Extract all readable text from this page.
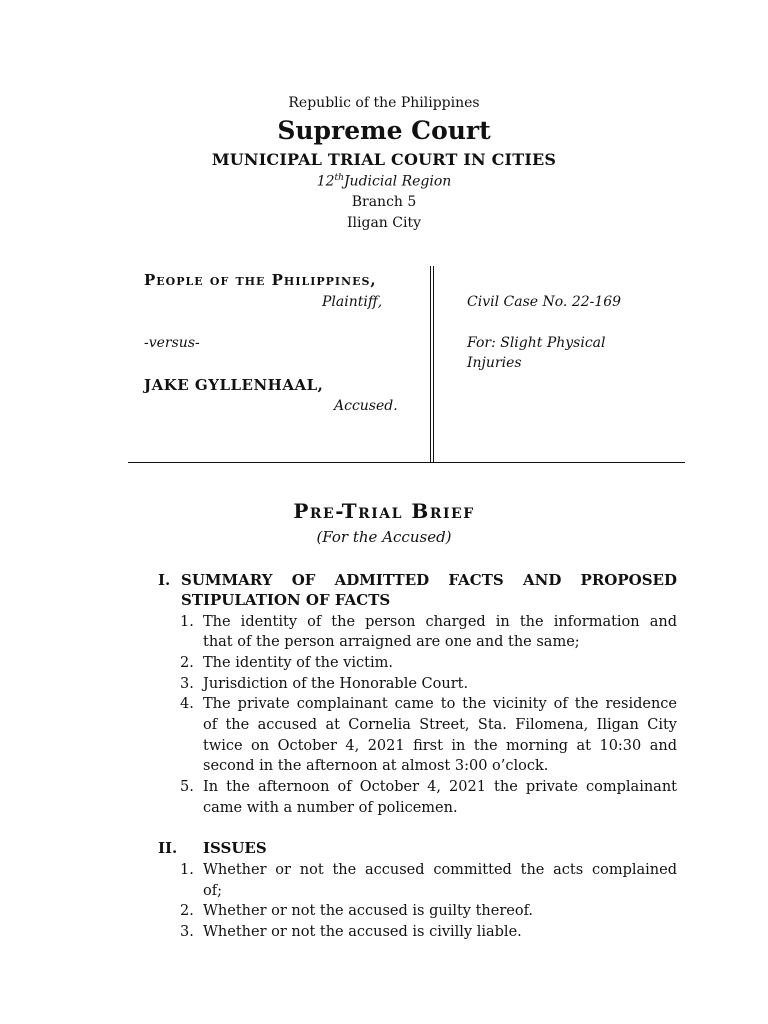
Republic of the Philippines
Supreme Court
MUNICIPAL TRIAL COURT IN CITIES
12thJudicial Region
Branch 5
Iligan City
People of the Philippines,
Plaintiff,
-versus-
JAKE GYLLENHAAL,
Accused.
Civil Case No. 22-169
For: Slight Physical
Injuries
Pre-Trial Brief
(For the Accused)
I. SUMMARY OF ADMITTED FACTS AND PROPOSED
STIPULATION OF FACTS
1. The identity of the person charged in the information and
that of the person arraigned are one and the same;
2. The identity of the victim.
3. Jurisdiction of the Honorable Court.
4. The private complainant came to the vicinity of the residence
of the accused at Cornelia Street, Sta. Filomena, Iligan City
twice on October 4, 2021 first in the morning at 10:30 and
second in the afternoon at almost 3:00 o’clock.
5. In the afternoon of October 4, 2021 the private complainant
came with a number of policemen.
II. ISSUES
1. Whether or not the accused committed the acts complained
of;
2. Whether or not the accused is guilty thereof.
3. Whether or not the accused is civilly liable.
